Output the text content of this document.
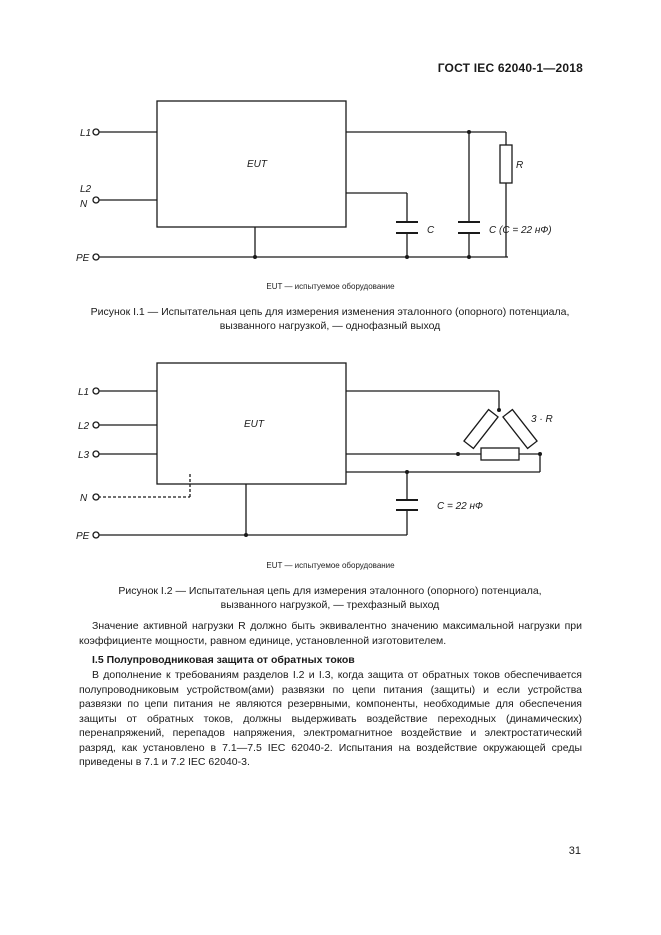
ГОСТ IEC 62040-1—2018
L1
L2
N
PE
EUT	R
C	C (C = 22 нФ)
EUT — испытуемое оборудование
Рисунок I.1 — Испытательная цепь для измерения изменения эталонного (опорного) потенциала,
вызванного нагрузкой, — однофазный выход
L1
L2
L3
N
PE
EUT	3 · R
C = 22 нФ
EUT — испытуемое оборудование
Рисунок I.2 — Испытательная цепь для измерения эталонного (опорного) потенциала,
вызванного нагрузкой, — трехфазный выход
Значение активной нагрузки R должно быть эквивалентно значению максимальной нагрузки при коэффициенте мощности, равном единице, установленной изготовителем.
I.5 Полупроводниковая защита от обратных токов
В дополнение к требованиям разделов I.2 и I.3, когда защита от обратных токов обеспечивается полупроводниковым устройством(ами) развязки по цепи питания (защиты) и если устройства развязки по цепи питания не являются резервными, компоненты, необходимые для обеспечения защиты от обратных токов, должны выдерживать воздействие переходных (динамических) перенапряжений, перепадов напряжения, электромагнитное воздействие и электростатический разряд, как установлено в 7.1—7.5 IEC 62040-2. Испытания на воздействие окружающей среды приведены в 7.1 и 7.2 IEC 62040-3.
31
